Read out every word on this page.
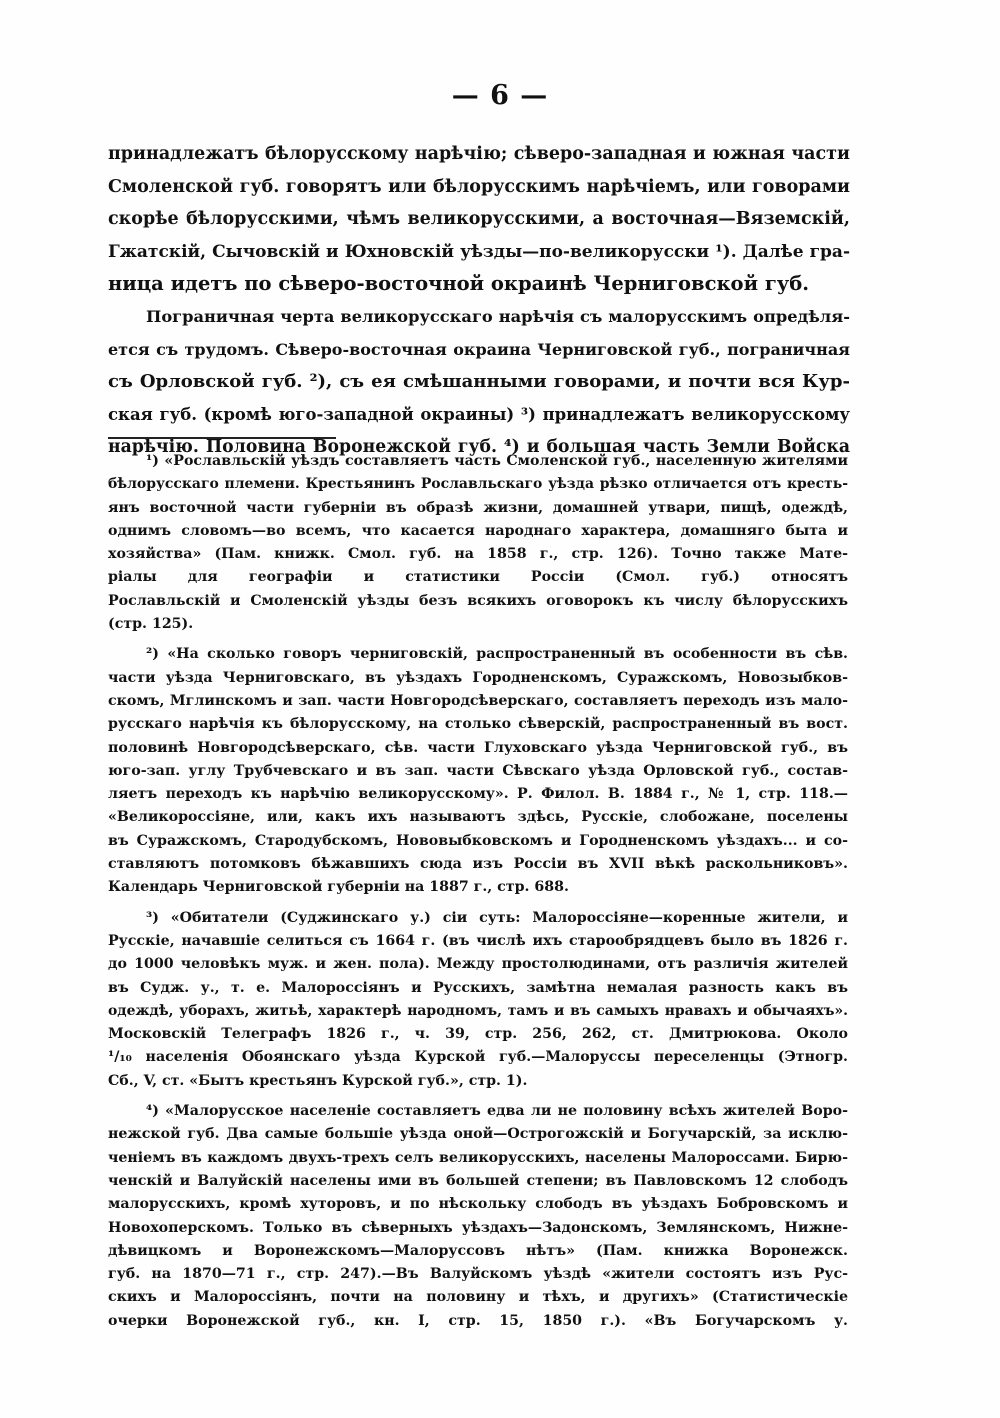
— 6 —
принадлежатъ бѣлорусскому нарѣчію; сѣверо-западная и южная части
Смоленской губ. говорятъ или бѣлорусскимъ нарѣчіемъ, или говорами
скорѣе бѣлорусскими, чѣмъ великорусскими, а восточная—Вяземскій,
Гжатскій, Сычовскій и Юхновскій уѣзды—по-великорусски ¹). Далѣе гра-
ница идетъ по сѣверо-восточной окраинѣ Черниговской губ.
Пограничная черта великорусскаго нарѣчія съ малорусскимъ опредѣля-
ется съ трудомъ. Сѣверо-восточная окраина Черниговской губ., пограничная
съ Орловской губ. ²), съ ея смѣшанными говорами, и почти вся Кур-
ская губ. (кромѣ юго-западной окраины) ³) принадлежатъ великорусскому
нарѣчію. Половина Воронежской губ. ⁴) и большая часть Земли Войска
¹) «Рославльскій уѣздъ составляетъ часть Смоленской губ., населенную жителями
бѣлорусскаго племени. Крестьянинъ Рославльскаго уѣзда рѣзко отличается отъ кресть-
янъ восточной части губерніи въ образѣ жизни, домашней утвари, пищѣ, одеждѣ,
однимъ словомъ—во всемъ, что касается народнаго характера, домашняго быта и
хозяйства» (Пам. книжк. Смол. губ. на 1858 г., стр. 126). Точно также Мате-
ріалы для географіи и статистики Россіи (Смол. губ.) относятъ
Рославльскій и Смоленскій уѣзды безъ всякихъ оговорокъ къ числу бѣлорусскихъ
(стр. 125).
²) «На сколько говоръ черниговскій, распространенный въ особенности въ сѣв.
части уѣзда Черниговскаго, въ уѣздахъ Городненскомъ, Суражскомъ, Новозыбков-
скомъ, Мглинскомъ и зап. части Новгородсѣверскаго, составляетъ переходъ изъ мало-
русскаго нарѣчія къ бѣлорусскому, на столько сѣверскій, распространенный въ вост.
половинѣ Новгородсѣверскаго, сѣв. части Глуховскаго уѣзда Черниговской губ., въ
юго-зап. углу Трубчевскаго и въ зап. части Сѣвскаго уѣзда Орловской губ., состав-
ляетъ переходъ къ нарѣчію великорусскому». Р. Филол. В. 1884 г., № 1, стр. 118.—
«Великороссіяне, или, какъ ихъ называютъ здѣсь, Русскіе, слобожане, поселены
въ Суражскомъ, Стародубскомъ, Нововыбковскомъ и Городненскомъ уѣздахъ... и со-
ставляютъ потомковъ бѣжавшихъ сюда изъ Россіи въ XVII вѣкѣ раскольниковъ».
Календарь Черниговской губерніи на 1887 г., стр. 688.
³) «Обитатели (Суджинскаго у.) сіи суть: Малороссіяне—коренные жители, и
Русскіе, начавшіе селиться съ 1664 г. (въ числѣ ихъ старообрядцевъ было въ 1826 г.
до 1000 человѣкъ муж. и жен. пола). Между простолюдинами, отъ различія жителей
въ Судж. у., т. е. Малороссіянъ и Русскихъ, замѣтна немалая разность какъ въ
одеждѣ, уборахъ, житьѣ, характерѣ народномъ, тамъ и въ самыхъ нравахъ и обычаяхъ».
Московскій Телеграфъ 1826 г., ч. 39, стр. 256, 262, ст. Дмитрюкова. Около
¹/₁₀ населенія Обоянскаго уѣзда Курской губ.—Малоруссы переселенцы (Этногр.
Сб., V, ст. «Бытъ крестьянъ Курской губ.», стр. 1).
⁴) «Малорусское населеніе составляетъ едва ли не половину всѣхъ жителей Воро-
нежской губ. Два самые большіе уѣзда оной—Острогожскій и Богучарскій, за исклю-
ченіемъ въ каждомъ двухъ-трехъ селъ великорусскихъ, населены Малороссами. Бирю-
ченскій и Валуйскій населены ими въ большей степени; въ Павловскомъ 12 слободъ
малорусскихъ, кромѣ хуторовъ, и по нѣскольку слободъ въ уѣздахъ Бобровскомъ и
Новохоперскомъ. Только въ сѣверныхъ уѣздахъ—Задонскомъ, Землянскомъ, Нижне-
дѣвицкомъ и Воронежскомъ—Малоруссовъ нѣтъ» (Пам. книжка Воронежск.
губ. на 1870—71 г., стр. 247).—Въ Валуйскомъ уѣздѣ «жители состоятъ изъ Рус-
скихъ и Малороссіянъ, почти на половину и тѣхъ, и другихъ» (Статистическіе
очерки Воронежской губ., кн. I, стр. 15, 1850 г.). «Въ Богучарскомъ у.
